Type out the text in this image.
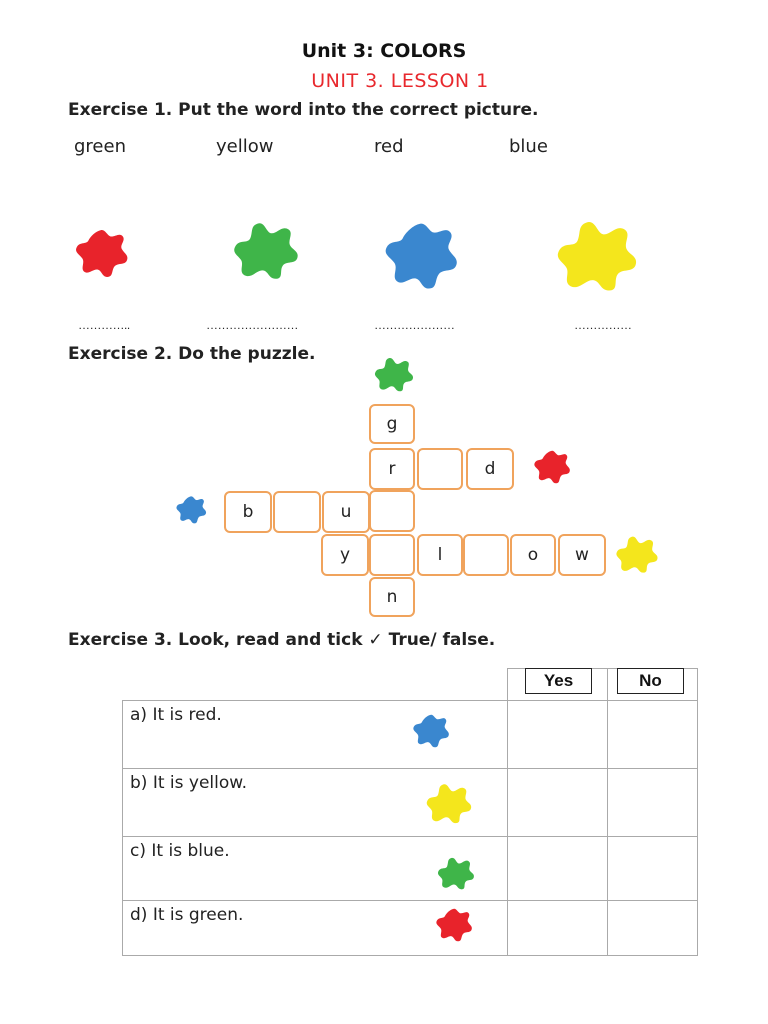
Unit 3: COLORS
UNIT 3. LESSON 1
Exercise 1. Put the word into the correct picture.
green	yellow	red	blue
…………..	……………………	…………………	……………
Exercise 2. Do the puzzle.
g
r
n
d
b	u
y	l	o	w
Exercise 3. Look, read and tick ✓ True/ false.
Yes	No
a) It is red.
b) It is yellow.
c) It is blue.
d) It is green.
